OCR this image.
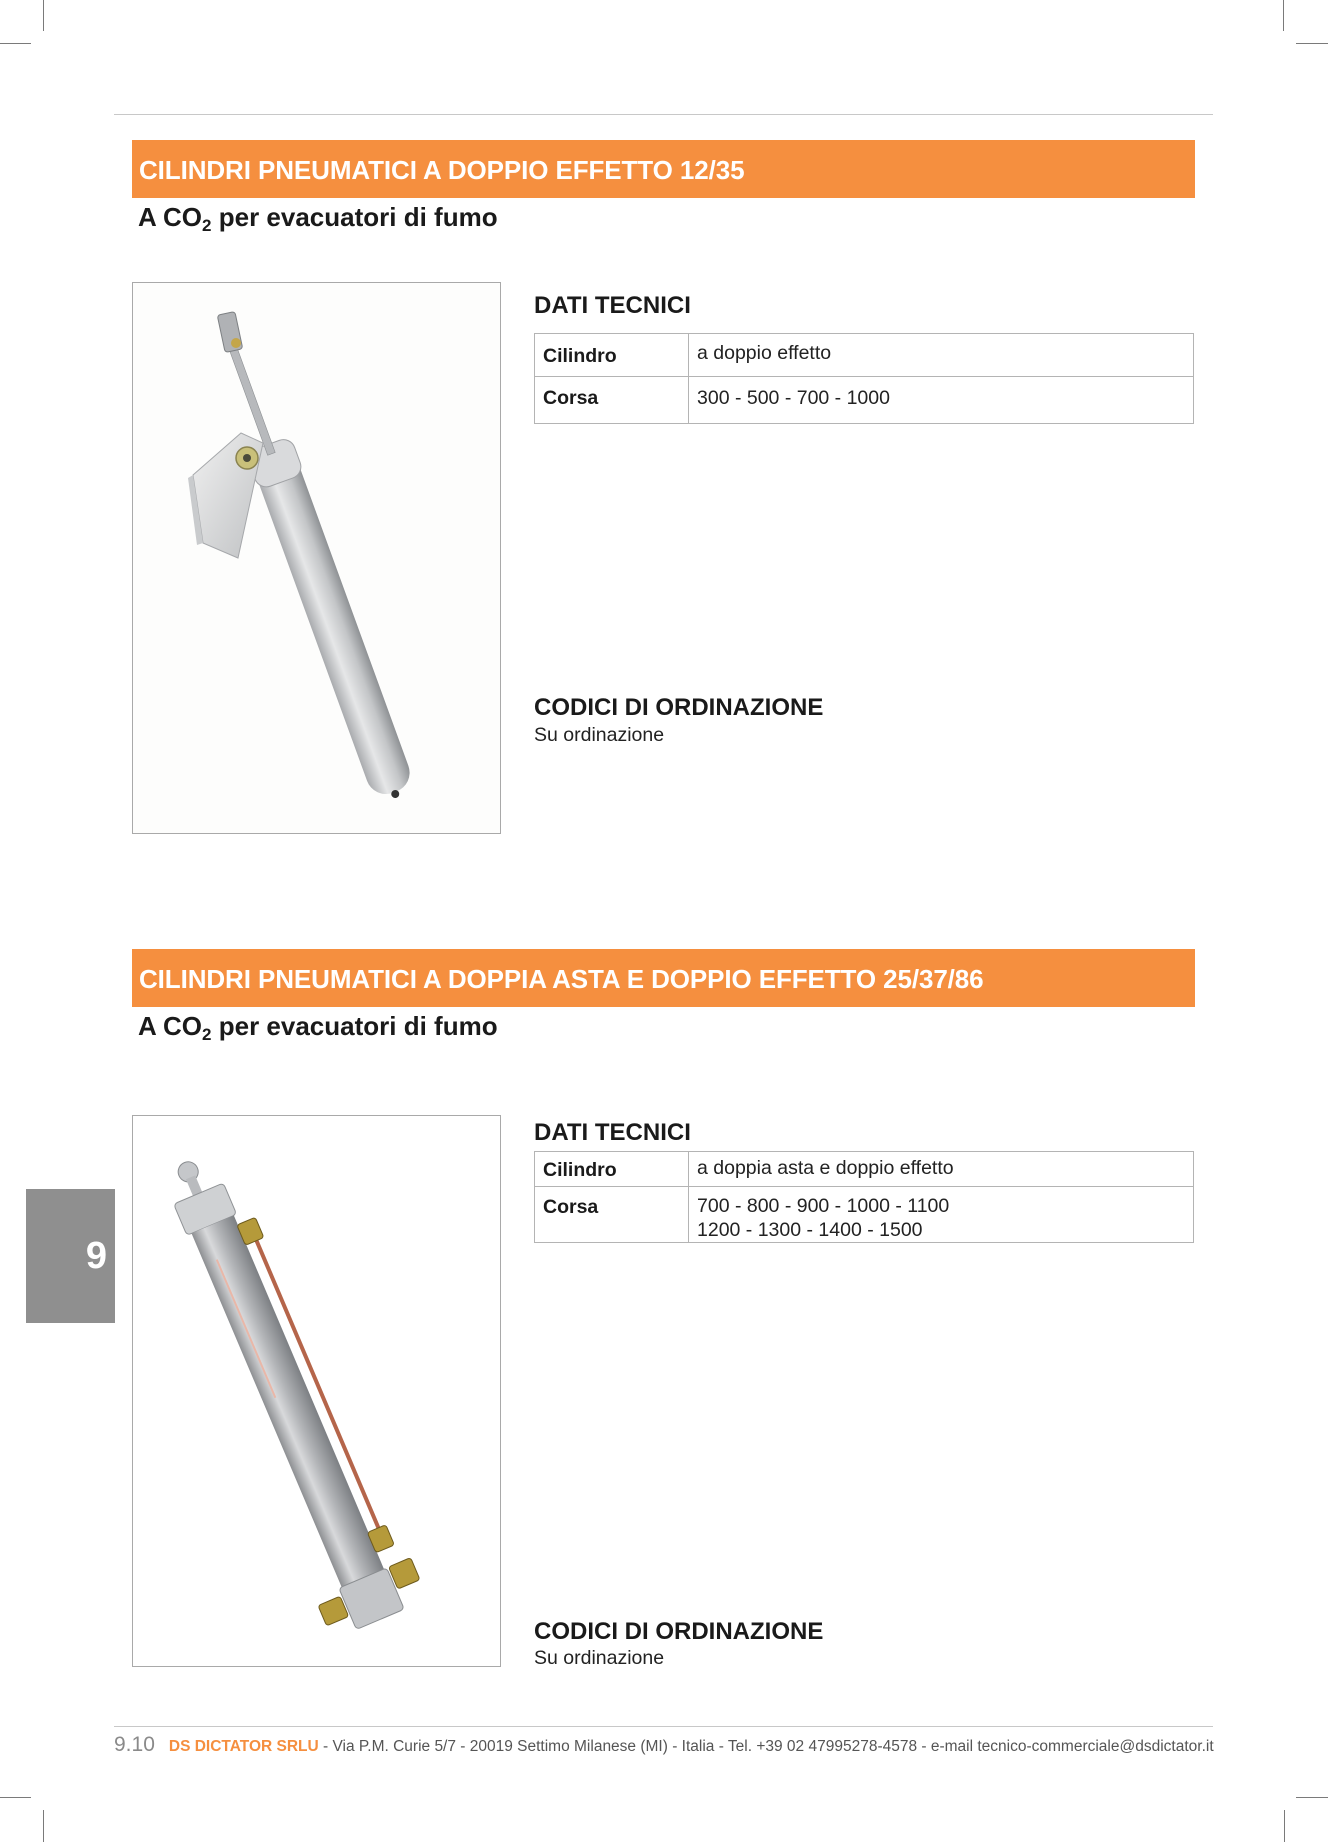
CILINDRI PNEUMATICI A DOPPIO EFFETTO 12/35
A $CO_2$ per evacuatori di fumo
DATI TECNICI
Cilindro	a doppio effetto
Corsa	300 - 500 - 700 - 1000
CODICI DI ORDINAZIONE
Su ordinazione
CILINDRI PNEUMATICI A DOPPIA ASTA E DOPPIO EFFETTO 25/37/86
A $CO_2$ per evacuatori di fumo
DATI TECNICI
Cilindro	a doppia asta e doppio effetto
Corsa	700 - 800 - 900 - 1000 - 1100
1200 - 1300 - 1400 - 1500
CODICI DI ORDINAZIONE
Su ordinazione
9
9.10 DS DICTATOR SRLU - Via P.M. Curie 5/7 - 20019 Settimo Milanese (MI) - Italia - Tel. +39 02 47995278-4578 - e-mail tecnico-commerciale@dsdictator.it
